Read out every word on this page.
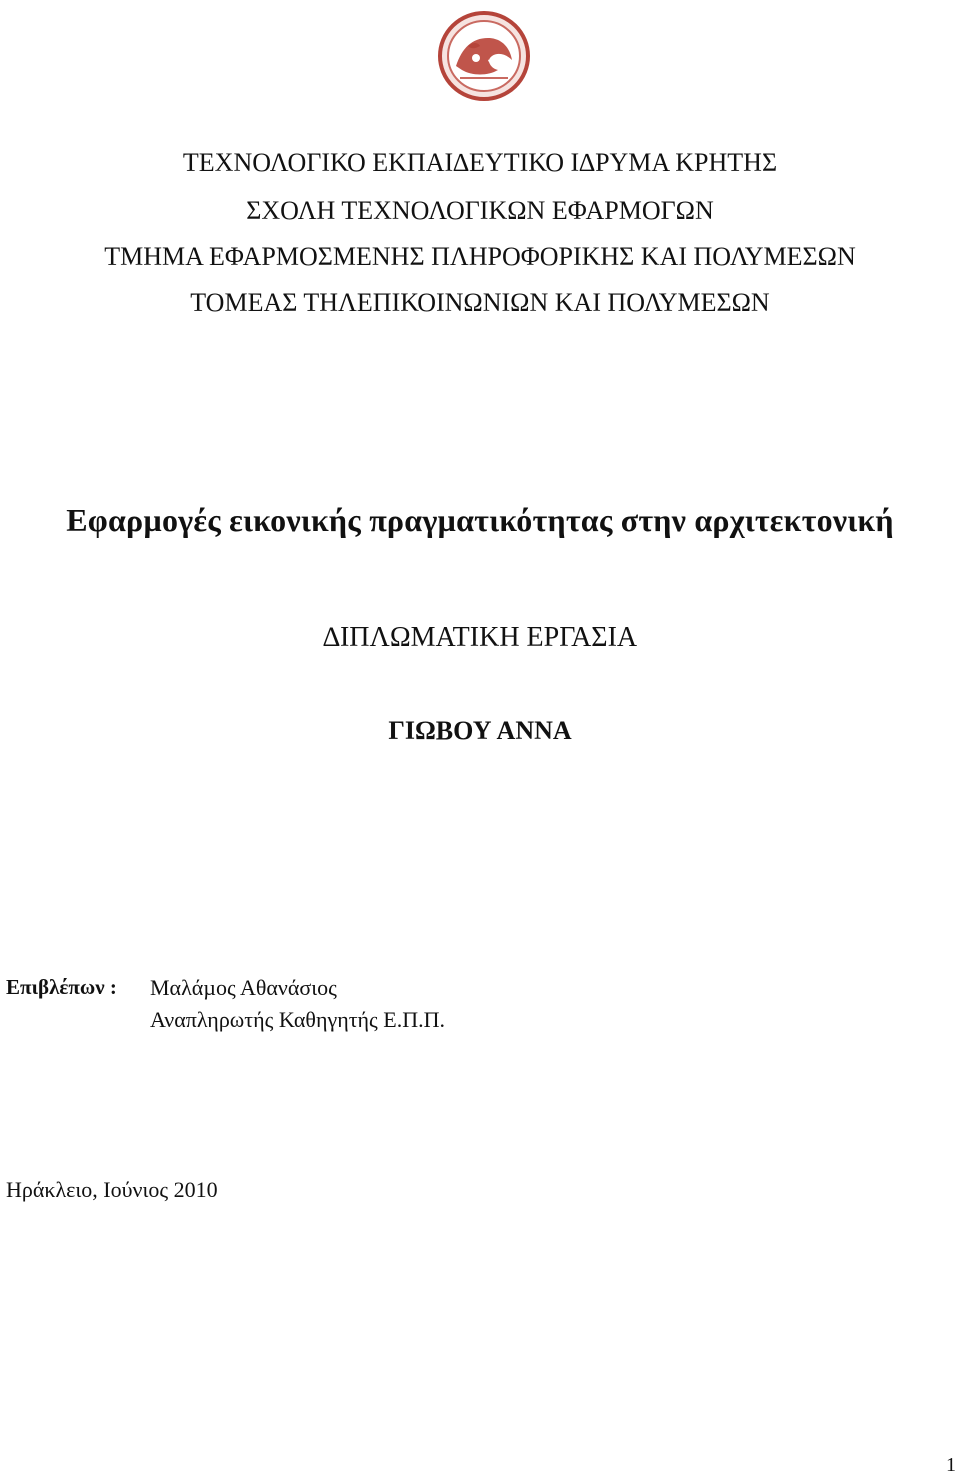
ΤΕΧΝΟΛΟΓΙΚΟ ΕΚΠΑΙ∆ΕΥΤΙΚΟ Ι∆ΡΥΜΑ ΚΡΗΤΗΣ
ΣΧΟΛΗ ΤΕΧΝΟΛΟΓΙΚΩΝ ΕΦΑΡΜΟΓΩΝ
ΤΜΗΜΑ ΕΦΑΡΜΟΣΜΕΝΗΣ ΠΛΗΡΟΦΟΡΙΚΗΣ ΚΑΙ ΠΟΛΥΜΕΣΩΝ
ΤΟΜΕΑΣ ΤΗΛΕΠΙΚΟΙΝΩΝΙΩΝ ΚΑΙ ΠΟΛΥΜΕΣΩΝ
Εφαρµογές εικονικής πραγµατικότητας στην αρχιτεκτονική
∆ΙΠΛΩΜΑΤΙΚΗ ΕΡΓΑΣΙΑ
ΓΙΩΒΟΥ ΑΝΝΑ
Επιβλέπων : Μαλάµος Αθανάσιος
Αναπληρωτής Καθηγητής Ε.Π.Π.
Ηράκλειο, Ιούνιος 2010
1
